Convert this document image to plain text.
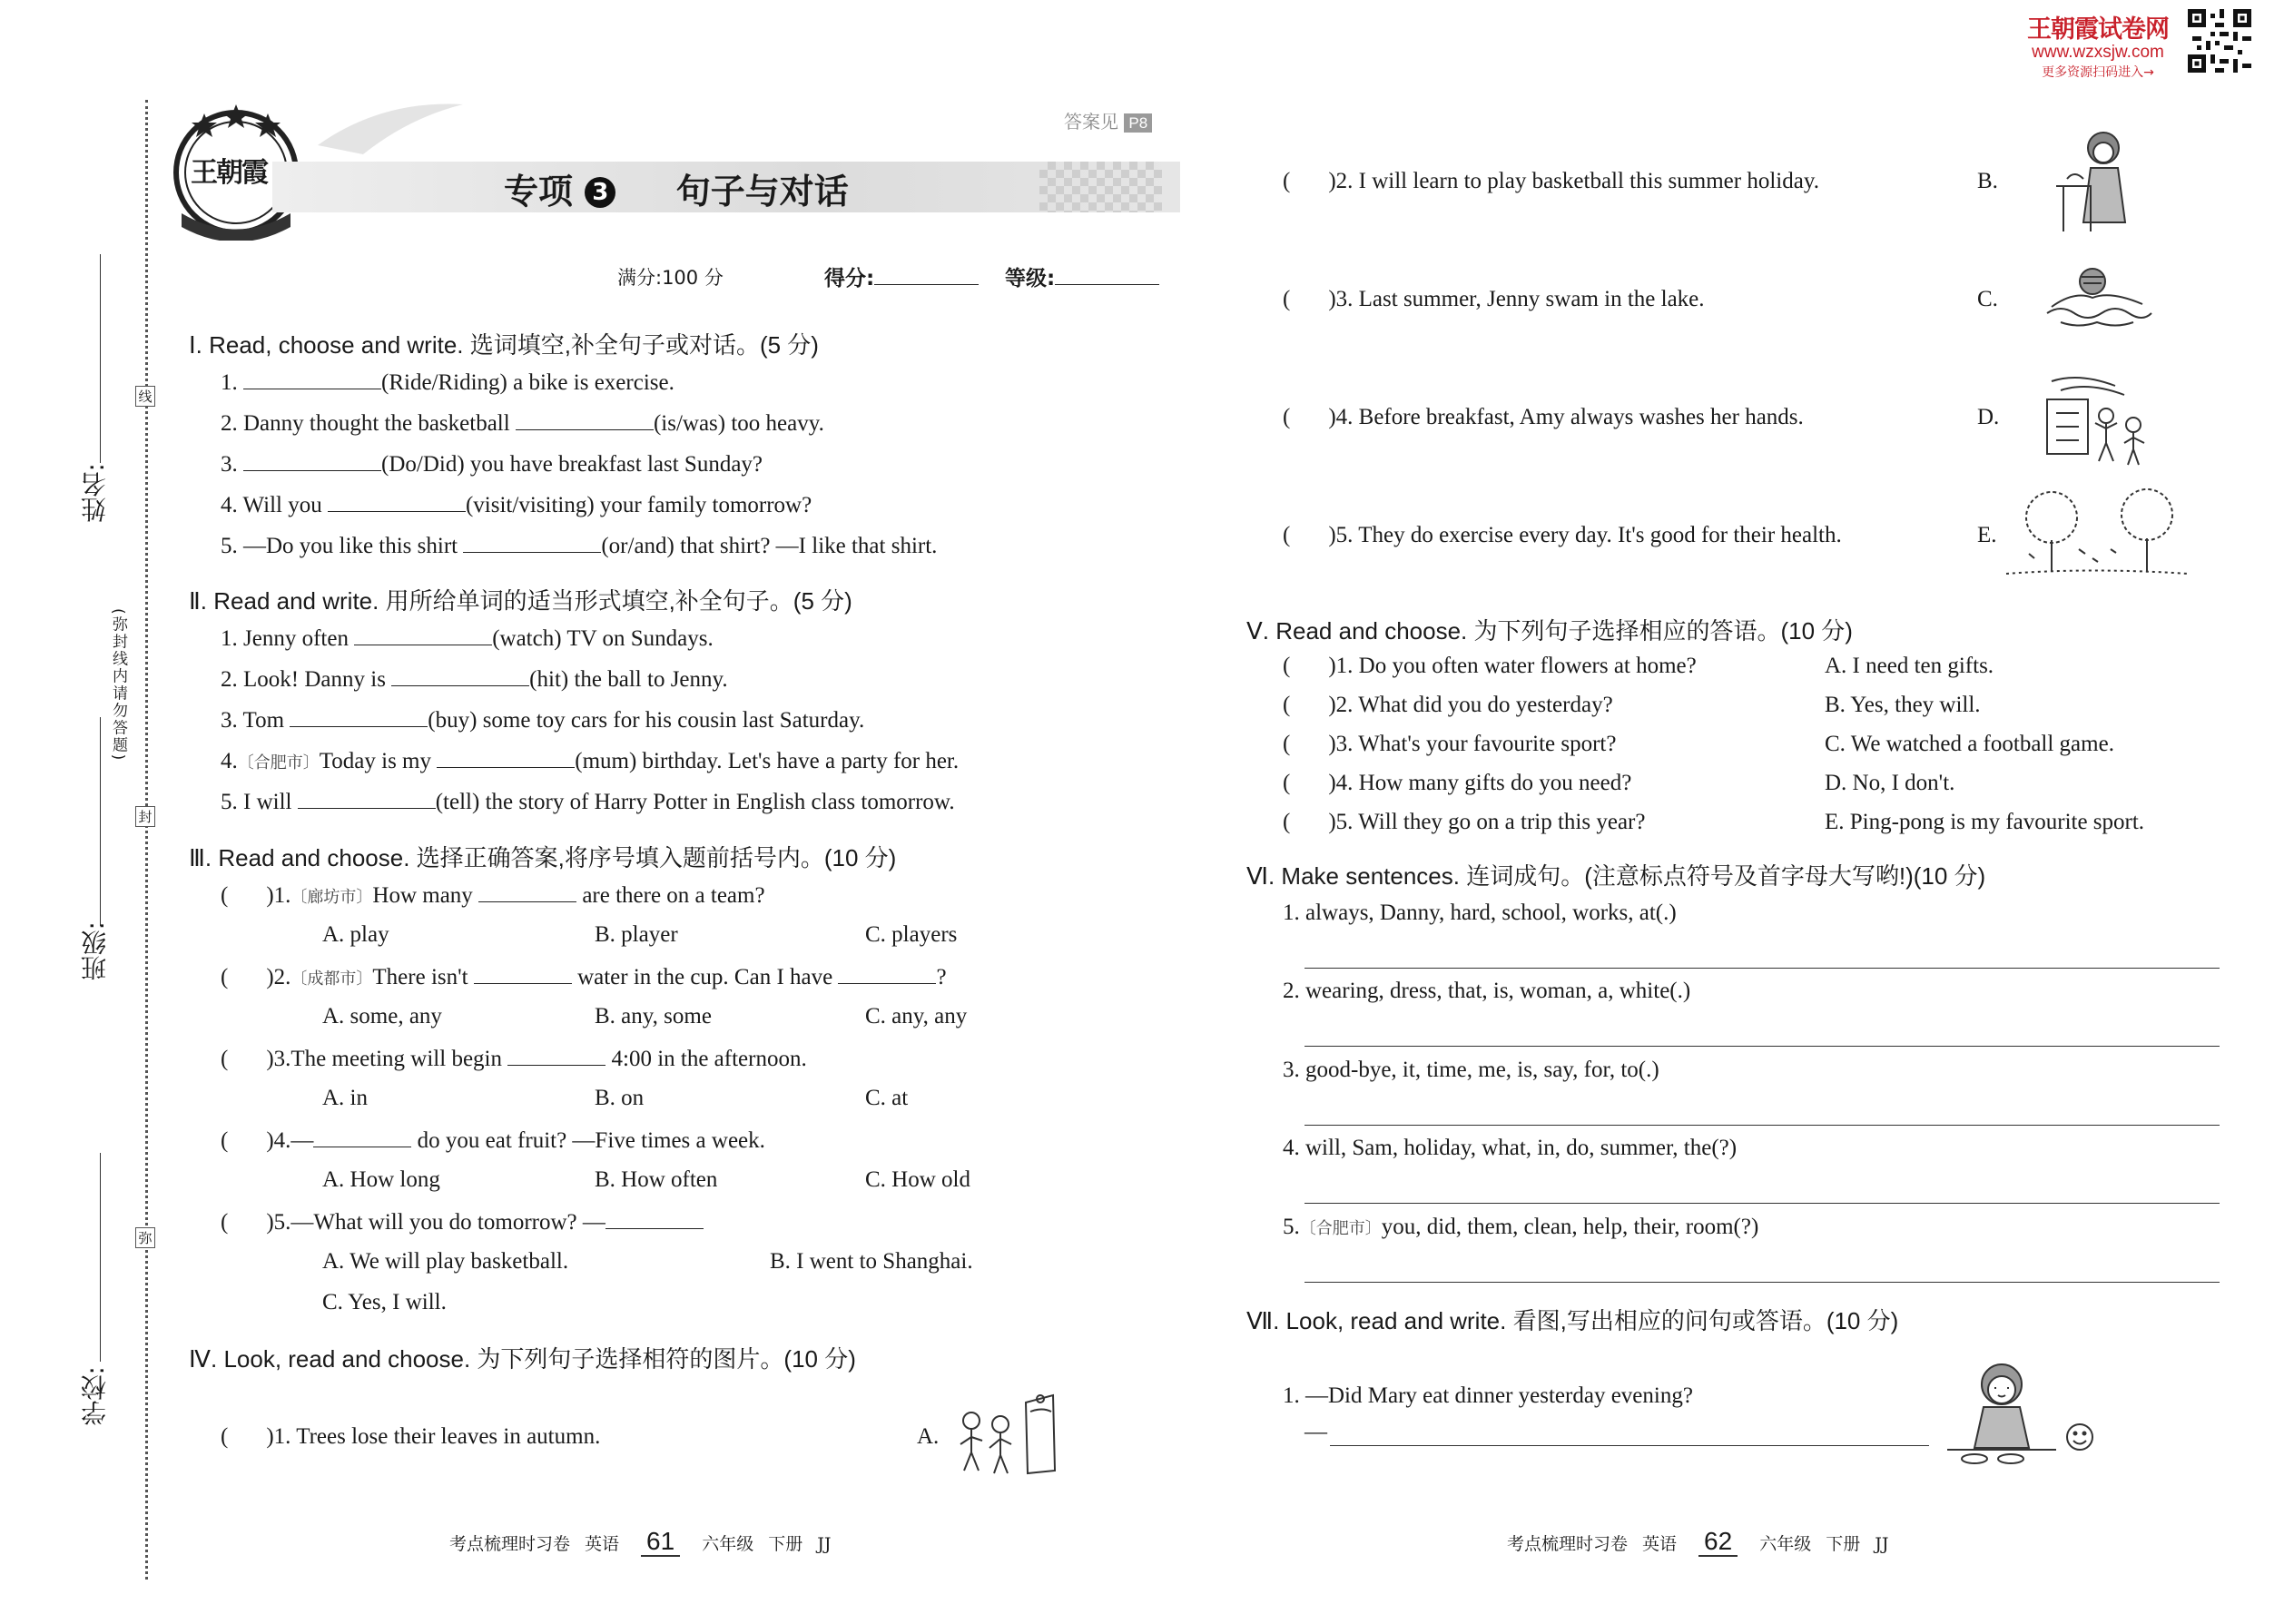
姓名:
班级:
学校:
线
(弥封线内请勿答题)
封
弥
王朝霞
答案见 P8
专项 3 句子与对话
满分:100 分	得分:	等级:
Ⅰ. Read, choose and write. 选词填空,补全句子或对话。(5 分)
1.	(Ride/Riding) a bike is exercise.
2. Danny thought the basketball	(is/was) too heavy.
3.	(Do/Did) you have breakfast last Sunday?
4. Will you	(visit/visiting) your family tomorrow?
5. —Do you like this shirt	(or/and) that shirt? —I like that shirt.
Ⅱ. Read and write. 用所给单词的适当形式填空,补全句子。(5 分)
1. Jenny often	(watch) TV on Sundays.
2. Look! Danny is	(hit) the ball to Jenny.
3. Tom	(buy) some toy cars for his cousin last Saturday.
4.〔合肥市〕Today is my	(mum) birthday. Let's have a party for her.
5. I will	(tell) the story of Harry Potter in English class tomorrow.
Ⅲ. Read and choose. 选择正确答案,将序号填入题前括号内。(10 分)
( )1.〔廊坊市〕How many	are there on a team?
A. play	B. player	C. players
( )2.〔成都市〕There isn't	water in the cup. Can I have	?
A. some, any	B. any, some	C. any, any
( )3.The meeting will begin	4:00 in the afternoon.
A. in	B. on	C. at
( )4.—	do you eat fruit? —Five times a week.
A. How long	B. How often	C. How old
( )5.—What will you do tomorrow? —
A. We will play basketball.	B. I went to Shanghai.
C. Yes, I will.
Ⅳ. Look, read and choose. 为下列句子选择相符的图片。(10 分)
( )1. Trees lose their leaves in autumn.	A.
考点梳理时习卷 英语 61 六年级 下册 JJ
王朝霞试卷网
www.wzxsjw.com
更多资源扫码进入→
( )2. I will learn to play basketball this summer holiday.	B.
( )3. Last summer, Jenny swam in the lake.	C.
( )4. Before breakfast, Amy always washes her hands.	D.
( )5. They do exercise every day. It's good for their health.	E.
Ⅴ. Read and choose. 为下列句子选择相应的答语。(10 分)
( )1. Do you often water flowers at home?	A. I need ten gifts.
( )2. What did you do yesterday?	B. Yes, they will.
( )3. What's your favourite sport?	C. We watched a football game.
( )4. How many gifts do you need?	D. No, I don't.
( )5. Will they go on a trip this year?	E. Ping-pong is my favourite sport.
Ⅵ. Make sentences. 连词成句。(注意标点符号及首字母大写哟!)(10 分)
1. always, Danny, hard, school, works, at(.)
2. wearing, dress, that, is, woman, a, white(.)
3. good-bye, it, time, me, is, say, for, to(.)
4. will, Sam, holiday, what, in, do, summer, the(?)
5.〔合肥市〕you, did, them, clean, help, their, room(?)
Ⅶ. Look, read and write. 看图,写出相应的问句或答语。(10 分)
1. —Did Mary eat dinner yesterday evening?
—
考点梳理时习卷 英语 62 六年级 下册 JJ
